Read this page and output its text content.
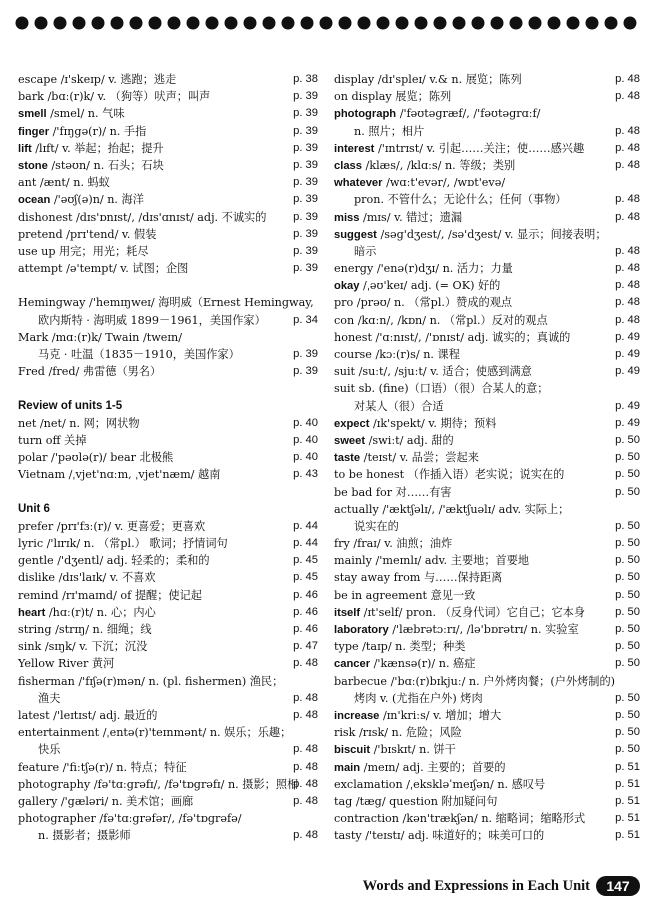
escape /ɪ'skeɪp/ v. 逃跑；逃走	p. 38
bark /bɑː(r)k/ v. （狗等）吠声；叫声	p. 39
smell /smel/ n. 气味	p. 39
finger /'fɪŋgə(r)/ n. 手指	p. 39
lift /lɪft/ v. 举起；抬起；提升	p. 39
stone /stəʊn/ n. 石头；石块	p. 39
ant /ænt/ n. 蚂蚁	p. 39
ocean /'əʊʃ(ə)n/ n. 海洋	p. 39
dishonest /dɪs'ɒnɪst/, /dɪs'ɑnɪst/ adj. 不诚实的 p. 39
pretend /prɪ'tend/ v. 假装	p. 39
use up 用完；用光；耗尽	p. 39
attempt /ə'tempt/ v. 试图；企图	p. 39
Hemingway /'hemɪŋweɪ/ 海明威（Ernest Hemingway,
欧内斯特 · 海明威 1899－1961，美国作家） p. 34
Mark /mɑː(r)k/ Twain /tweɪn/
马克 · 吐温（1835－1910，美国作家）	p. 39
Fred /fred/ 弗雷德（男名）	p. 39
Review of units 1-5
net /net/ n. 网；网状物	p. 40
turn off 关掉	p. 40
polar /'pəʊlə(r)/ bear 北极熊	p. 40
Vietnam /ˌvjet'nɑːm, ˌvjet'næm/ 越南	p. 43
Unit 6
prefer /prɪ'fɜː(r)/ v. 更喜爱；更喜欢	p. 44
lyric /'lɪrɪk/ n. （常pl.） 歌词；抒情词句	p. 44
gentle /'dʒentl/ adj. 轻柔的；柔和的	p. 45
dislike /dɪs'laɪk/ v. 不喜欢	p. 45
remind /rɪ'maɪnd/ of 提醒；使记起	p. 46
heart /hɑː(r)t/ n. 心；内心	p. 46
string /strɪŋ/ n. 细绳；线	p. 46
sink /sɪŋk/ v. 下沉；沉没	p. 47
Yellow River 黄河	p. 48
fisherman /'fɪʃə(r)mən/ n. (pl. fishermen) 渔民；
渔夫	p. 48
latest /'leɪtɪst/ adj. 最近的	p. 48
entertainment /ˌentə(r)'teɪnmənt/ n. 娱乐；乐趣；
快乐	p. 48
feature /'fiːtʃə(r)/ n. 特点；特征	p. 48
photography /fə'tɑːgrəfɪ/, /fə'tɒgrəfɪ/ n. 摄影；照相
p. 48
gallery /'gæləri/ n. 美术馆；画廊	p. 48
photographer /fə'tɑːgrəfər/, /fə'tɒgrəfə/
n. 摄影者；摄影师	p. 48
display /dɪ'spleɪ/ v.& n. 展览；陈列	p. 48
on display 展览；陈列	p. 48
photograph /'fəʊtəgræf/, /'fəʊtəgrɑːf/
n. 照片；相片	p. 48
interest /'ɪntrɪst/ v. 引起……关注；使……感兴趣	p. 48
class /klæs/, /klɑːs/ n. 等级；类别	p. 48
whatever /wɑːt'evər/, /wɒt'evə/
pron. 不管什么；无论什么；任何（事物）	p. 48
miss /mɪs/ v. 错过；遗漏	p. 48
suggest /səg'dʒest/, /sə'dʒest/ v. 显示；间接表明；
暗示	p. 48
energy /'enə(r)dʒɪ/ n. 活力；力量	p. 48
okay /ˌəʊ'keɪ/ adj. (= OK) 好的	p. 48
pro /prəʊ/ n. （常pl.）赞成的观点	p. 48
con /kɑːn/, /kɒn/ n. （常pl.）反对的观点	p. 48
honest /'ɑːnɪst/, /'ɒnɪst/ adj. 诚实的；真诚的	p. 49
course /kɔː(r)s/ n. 课程	p. 49
suit /suːt/, /sjuːt/ v. 适合；使感到满意	p. 49
suit sb. (fine)（口语）（很）合某人的意；
对某人（很）合适	p. 49
expect /ɪk'spekt/ v. 期待；预料	p. 49
sweet /swiːt/ adj. 甜的	p. 50
taste /teɪst/ v. 品尝；尝起来	p. 50
to be honest （作插入语）老实说；说实在的	p. 50
be bad for 对……有害	p. 50
actually /'æktʃəlɪ/, /'æktʃuəlɪ/ adv. 实际上；
说实在的	p. 50
fry /fraɪ/ v. 油煎；油炸	p. 50
mainly /'meɪnlɪ/ adv. 主要地；首要地	p. 50
stay away from 与……保持距离	p. 50
be in agreement 意见一致	p. 50
itself /ɪt'self/ pron. （反身代词）它自己；它本身	p. 50
laboratory /'læbrətɔːrɪ/, /lə'bɒrətrɪ/ n. 实验室	p. 50
type /taɪp/ n. 类型；种类	p. 50
cancer /'kænsə(r)/ n. 癌症	p. 50
barbecue /'bɑː(r)bɪkjuː/ n. 户外烤肉餐；(户外烤制的)
烤肉 v. (尤指在户外) 烤肉	p. 50
increase /ɪn'kriːs/ v. 增加；增大	p. 50
risk /rɪsk/ n. 危险；风险	p. 50
biscuit /'bɪskɪt/ n. 饼干	p. 50
main /meɪn/ adj. 主要的；首要的	p. 51
exclamation /ˌekskləˈmeɪʃən/ n. 感叹号	p. 51
tag /tæg/ question 附加疑问句	p. 51
contraction /kən'trækʃən/ n. 缩略词；缩略形式	p. 51
tasty /'teɪstɪ/ adj. 味道好的；味美可口的	p. 51
Words and Expressions in Each Unit	147
